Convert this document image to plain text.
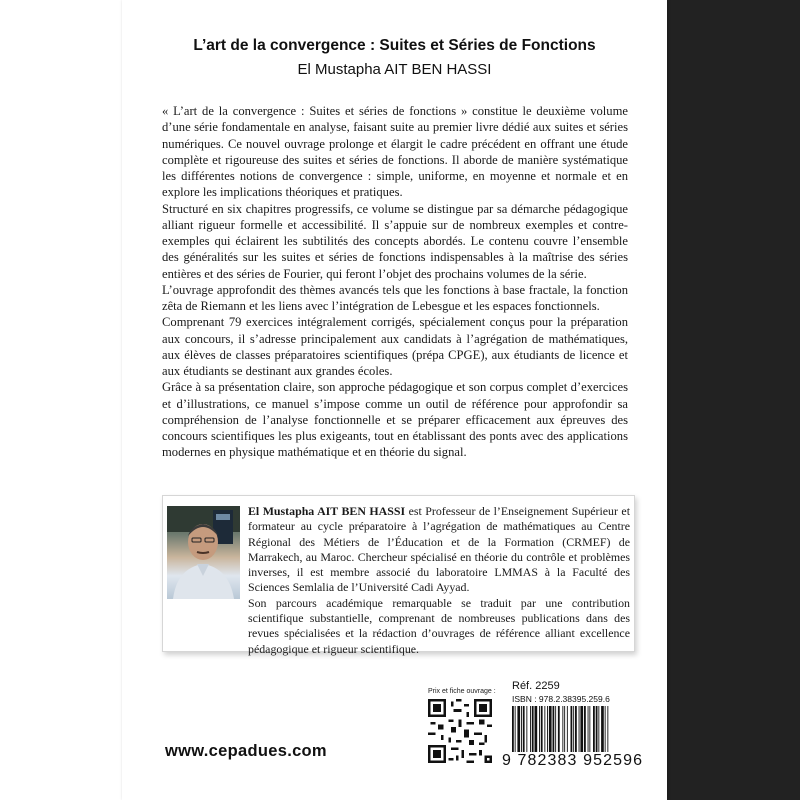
L’art de la convergence : Suites et Séries de Fonctions
El Mustapha AIT BEN HASSI

« L’art de la convergence : Suites et séries de fonctions » constitue le deuxième volume d’une série fondamentale en analyse, faisant suite au premier livre dédié aux suites et séries numériques. Ce nouvel ouvrage prolonge et élargit le cadre précédent en offrant une étude complète et rigoureuse des suites et séries de fonctions. Il aborde de manière systématique les différentes notions de convergence : simple, uniforme, en moyenne et normale et en explore les implications théoriques et pratiques.

Structuré en six chapitres progressifs, ce volume se distingue par sa démarche pédagogique alliant rigueur formelle et accessibilité. Il s’appuie sur de nombreux exemples et contre-exemples qui éclairent les subtilités des concepts abordés. Le contenu couvre l’ensemble des généralités sur les suites et séries de fonctions indispensables à la maîtrise des séries entières et des séries de Fourier, qui feront l’objet des prochains volumes de la série.

L’ouvrage approfondit des thèmes avancés tels que les fonctions à base fractale, la fonction zêta de Riemann et les liens avec l’intégration de Lebesgue et les espaces fonctionnels.

Comprenant 79 exercices intégralement corrigés, spécialement conçus pour la préparation aux concours, il s’adresse principalement aux candidats à l’agrégation de mathématiques, aux élèves de classes préparatoires scientifiques (prépa CPGE), aux étudiants de licence et aux étudiants se destinant aux grandes écoles.

Grâce à sa présentation claire, son approche pédagogique et son corpus complet d’exercices et d’illustrations, ce manuel s’impose comme un outil de référence pour approfondir sa compréhension de l’analyse fonctionnelle et se préparer efficacement aux épreuves des concours scientifiques les plus exigeants, tout en établissant des ponts avec des applications modernes en physique mathématique et en théorie du signal.

El Mustapha AIT BEN HASSI est Professeur de l’Enseignement Supérieur et formateur au cycle préparatoire à l’agrégation de mathématiques au Centre Régional des Métiers de l’Éducation et de la Formation (CRMEF) de Marrakech, au Maroc. Chercheur spécialisé en théorie du contrôle et problèmes inverses, il est membre associé du laboratoire LMMAS à la Faculté des Sciences Semlalia de l’Université Cadi Ayyad.

Son parcours académique remarquable se traduit par une contribution scientifique substantielle, comprenant de nombreuses publications dans des revues spécialisées et la rédaction d’ouvrages de référence alliant excellence pédagogique et rigueur scientifique.

www.cepadues.com
Prix et fiche ouvrage : Réf. 2259
ISBN : 978.2.38395.259.6
9 782383 952596
